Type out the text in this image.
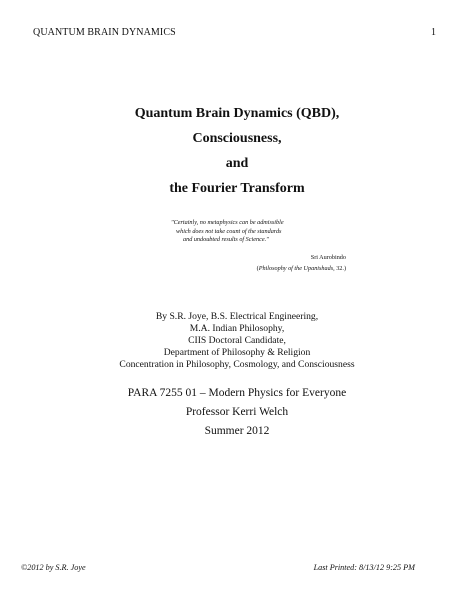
QUANTUM BRAIN DYNAMICS	1
Quantum Brain Dynamics (QBD),
Consciousness,
and
the Fourier Transform
"Certainly, no metaphysics can be admissible
which does not take count of the standards
and undoubted results of Science."
Sri Aurobindo
(Philosophy of the Upanishads, 32.)
By S.R. Joye, B.S. Electrical Engineering,
M.A. Indian Philosophy,
CIIS Doctoral Candidate,
Department of Philosophy & Religion
Concentration in Philosophy, Cosmology, and Consciousness
PARA 7255 01 – Modern Physics for Everyone
Professor Kerri Welch
Summer 2012
©2012 by S.R. Joye	Last Printed: 8/13/12 9:25 PM
